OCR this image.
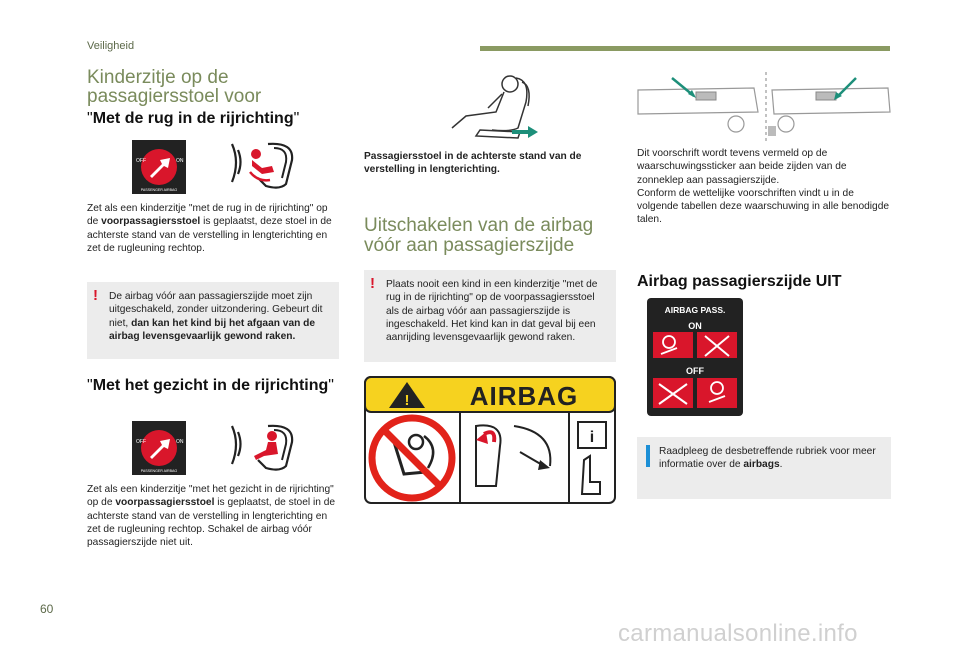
Veiligheid
Kinderzitje op de passagiersstoel voor
"Met de rug in de rijrichting"
OFF	ON
PASSENGER AIRBAG

Zet als een kinderzitje "met de rug in de rijrichting" op de voorpassagiersstoel is geplaatst, deze stoel in de achterste stand van de verstelling in lengterichting en zet de rugleuning rechtop.

! De airbag vóór aan passagierszijde moet zijn uitgeschakeld, zonder uitzondering. Gebeurt dit niet, dan kan het kind bij het afgaan van de airbag levensgevaarlijk gewond raken.

"Met het gezicht in de rijrichting"
OFF	ON
PASSENGER AIRBAG

Zet als een kinderzitje "met het gezicht in de rijrichting" op de voorpassagiersstoel is geplaatst, de stoel in de achterste stand van de verstelling in lengterichting en zet de rugleuning rechtop. Schakel de airbag vóór passagierszijde niet uit.

Passagiersstoel in de achterste stand van de verstelling in lengterichting.

Uitschakelen van de airbag vóór aan passagierszijde
! Plaats nooit een kind in een kinderzitje "met de rug in de rijrichting" op de voorpassagiersstoel als de airbag vóór aan passagierszijde is ingeschakeld. Het kind kan in dat geval bij een aanrijding levensgevaarlijk gewond raken.

! AIRBAG
i

Dit voorschrift wordt tevens vermeld op de waarschuwingssticker aan beide zijden van de zonneklep aan passagierszijde.
Conform de wettelijke voorschriften vindt u in de volgende tabellen deze waarschuwing in alle benodigde talen.

Airbag passagierszijde UIT
AIRBAG PASS.
ON
OFF

Raadpleeg de desbetreffende rubriek voor meer informatie over de airbags.

60
carmanualsonline.info
